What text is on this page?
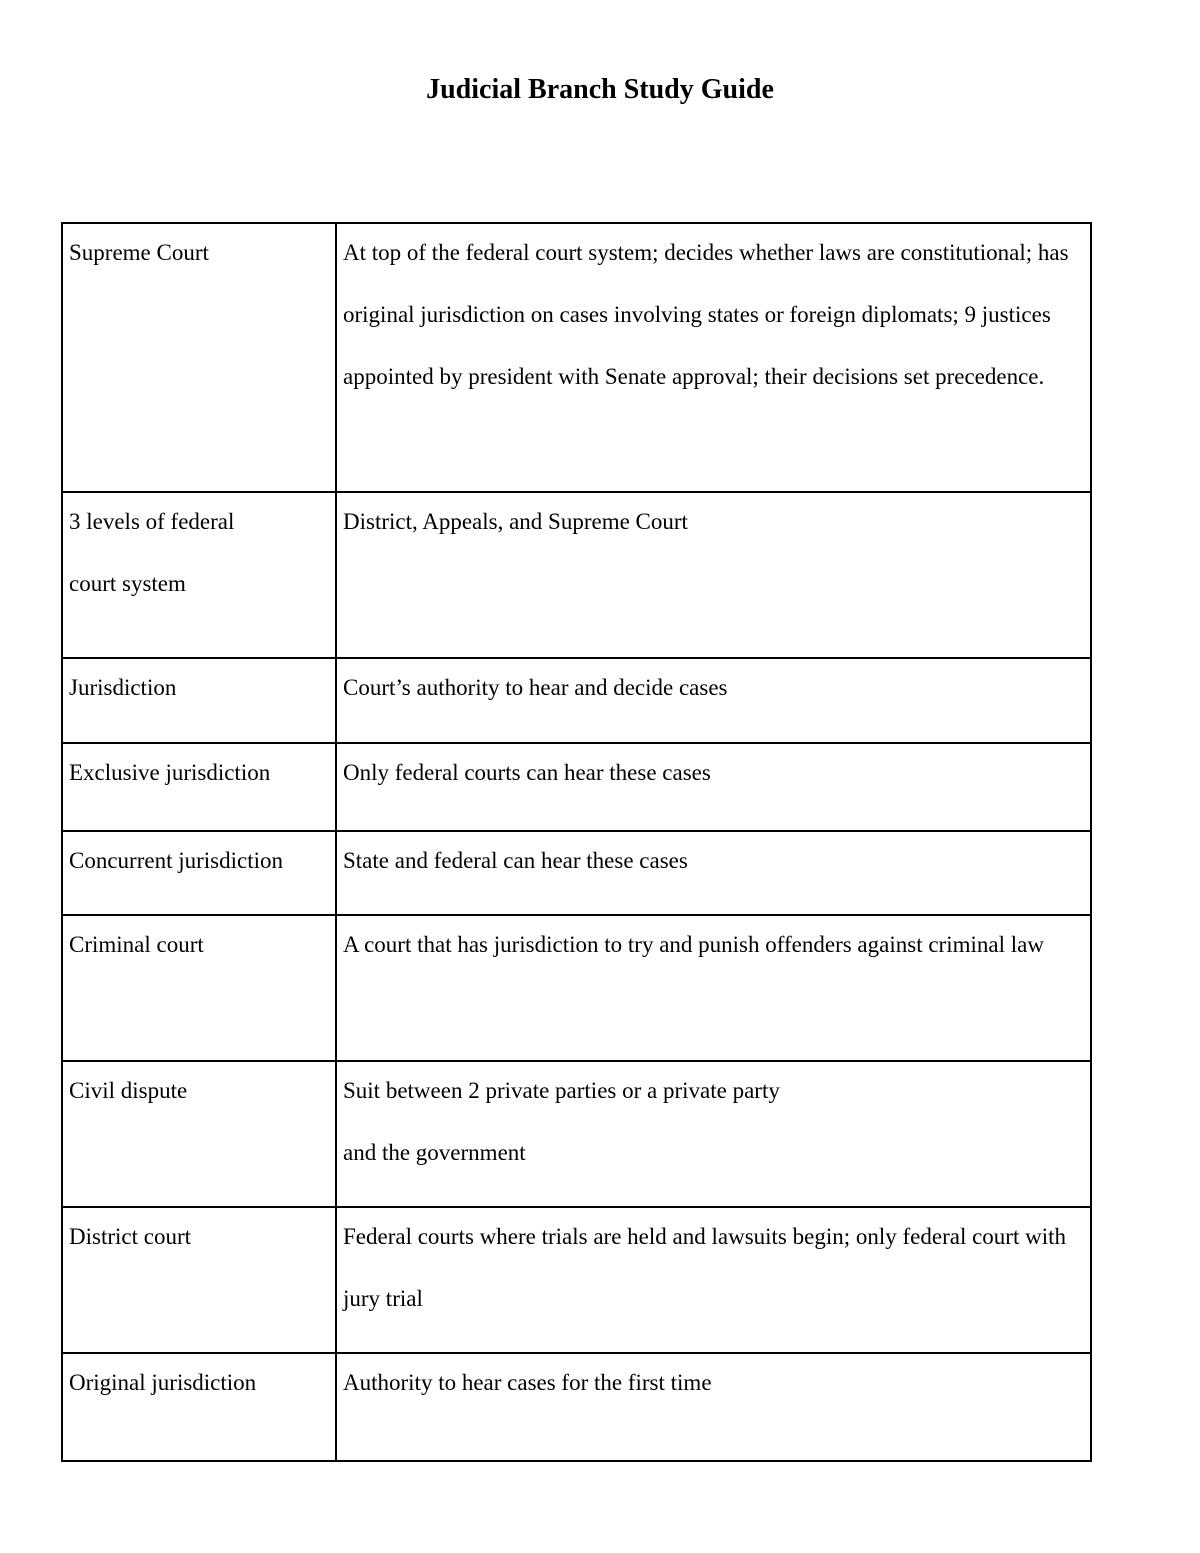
Judicial Branch Study Guide
Supreme Court	At top of the federal court system; decides whether laws are constitutional; has original jurisdiction on cases involving states or foreign diplomats; 9 justices appointed by president with Senate approval; their decisions set precedence.

3 levels of federal court system	District, Appeals, and Supreme Court

Jurisdiction	Court’s authority to hear and decide cases

Exclusive jurisdiction	Only federal courts can hear these cases

Concurrent jurisdiction	State and federal can hear these cases

Criminal court	A court that has jurisdiction to try and punish offenders against criminal law

Civil dispute	Suit between 2 private parties or a private party
and the government

District court	Federal courts where trials are held and lawsuits begin; only federal court with jury trial

Original jurisdiction	Authority to hear cases for the first time
